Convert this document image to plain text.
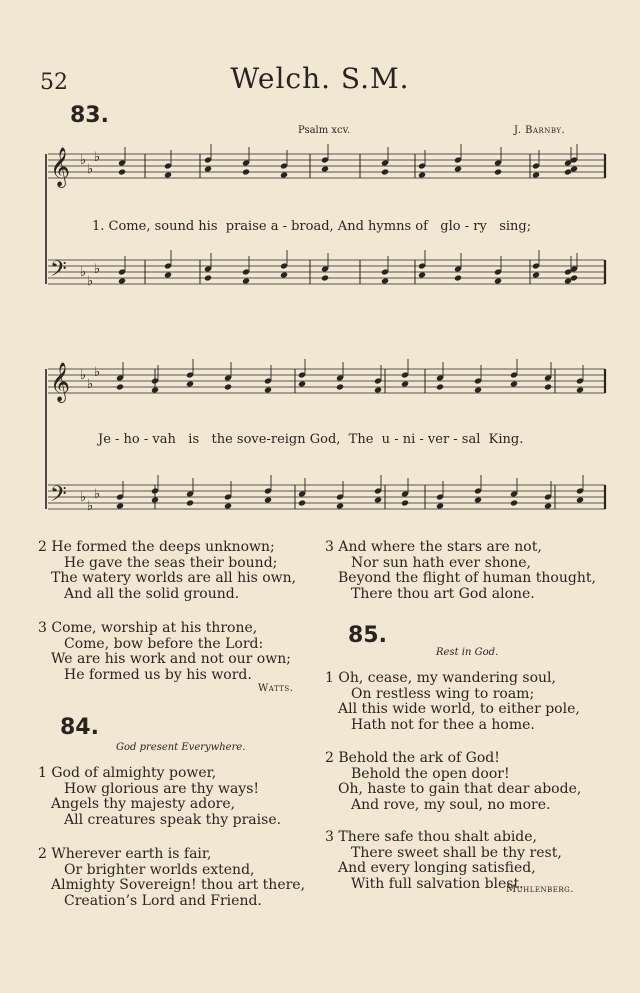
52	Welch. S.M.
83.
Psalm xcv.	J. Barnby.
𝄞
𝄢
♭
♭
♭
♭
♭
♭
1. Come, sound his  praise a - broad, And hymns of   glo - ry   sing;
𝄞
𝄢
♭
♭
♭
♭
♭
♭
Je - ho - vah   is   the sove-reign God,  The  u - ni - ver - sal  King.
2 He formed the deeps unknown;
He gave the seas their bound;
The watery worlds are all his own,
And all the solid ground.
3 Come, worship at his throne,
Come, bow before the Lord:
We are his work and not our own;
He formed us by his word.
3 And where the stars are not,
Nor sun hath ever shone,
Beyond the flight of human thought,
There thou art God alone.
Watts.
84.
God present Everywhere.
1 God of almighty power,
How glorious are thy ways!
Angels thy majesty adore,
All creatures speak thy praise.
2 Wherever earth is fair,
Or brighter worlds extend,
Almighty Sovereign! thou art there,
Creation’s Lord and Friend.
85.
Rest in God.
1 Oh, cease, my wandering soul,
On restless wing to roam;
All this wide world, to either pole,
Hath not for thee a home.
2 Behold the ark of God!
Behold the open door!
Oh, haste to gain that dear abode,
And rove, my soul, no more.
3 There safe thou shalt abide,
There sweet shall be thy rest,
And every longing satisfied,
With full salvation blest.
Muhlenberg.
